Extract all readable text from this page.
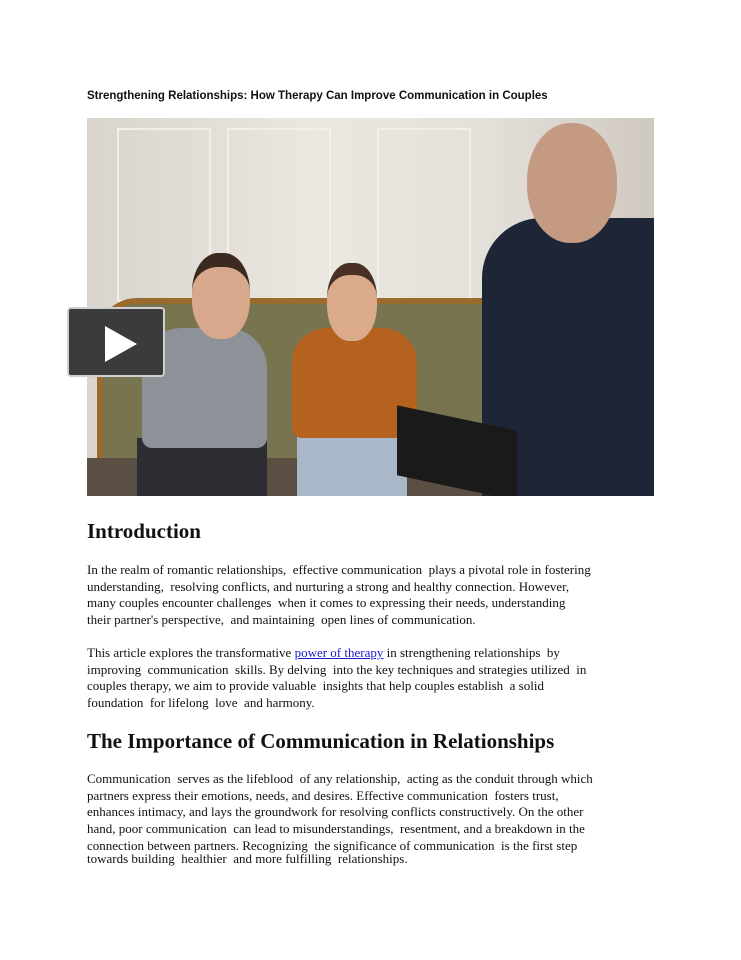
Strengthening Relationships: How Therapy Can Improve Communication in Couples
Introduction
In the realm of romantic relationships,  effective communication  plays a pivotal role in fostering
understanding,  resolving conflicts, and nurturing a strong and healthy connection. However,
many couples encounter challenges  when it comes to expressing their needs, understanding
their partner's perspective,  and maintaining  open lines of communication.
This article explores the transformative power of therapy in strengthening relationships  by
improving  communication  skills. By delving  into the key techniques and strategies utilized  in
couples therapy, we aim to provide valuable  insights that help couples establish  a solid
foundation  for lifelong  love  and harmony.
The Importance of Communication in Relationships
Communication  serves as the lifeblood  of any relationship,  acting as the conduit through which
partners express their emotions, needs, and desires. Effective communication  fosters trust,
enhances intimacy, and lays the groundwork for resolving conflicts constructively. On the other
hand, poor communication  can lead to misunderstandings,  resentment, and a breakdown in the
connection between partners. Recognizing  the significance of communication  is the first step
towards building  healthier  and more fulfilling  relationships.
